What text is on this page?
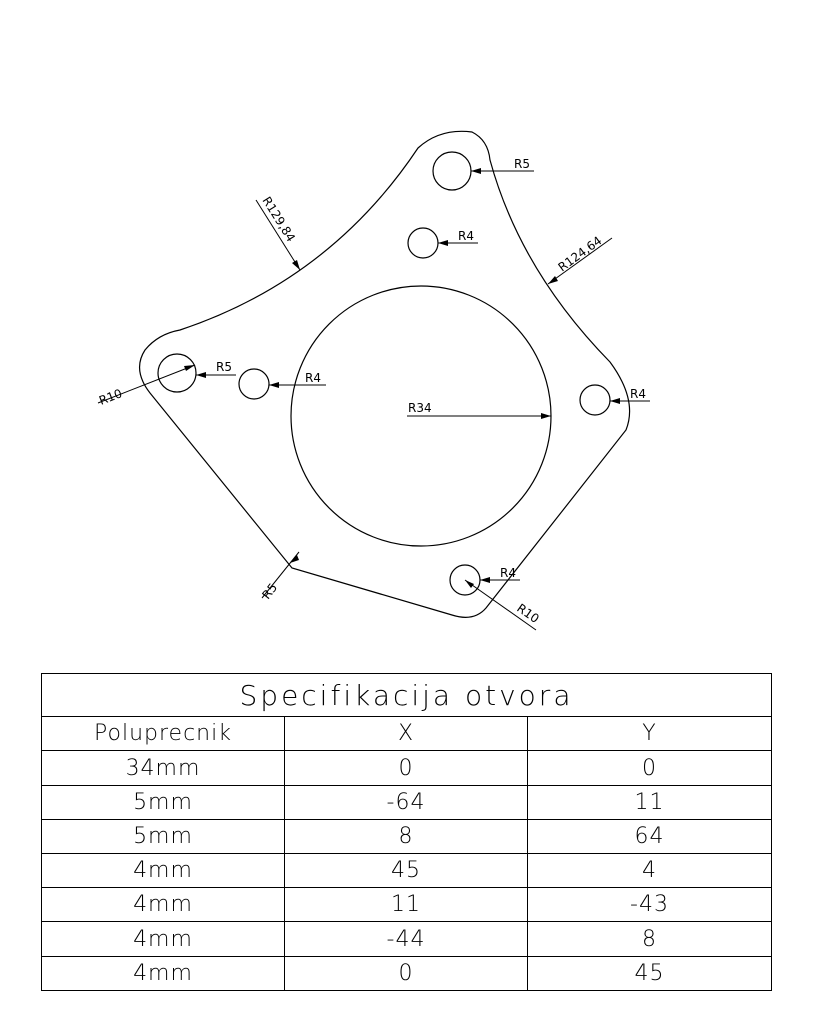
R5
R4
R129,84
R124,64
R5
R4
R10
R34
R4
R5
R4
R10
Specifikacija otvora		
Poluprecnik	X	Y
34mm	0	0
5mm	-64	11
5mm	8	64
4mm	45	4
4mm	11	-43
4mm	-44	8
4mm	0	45
